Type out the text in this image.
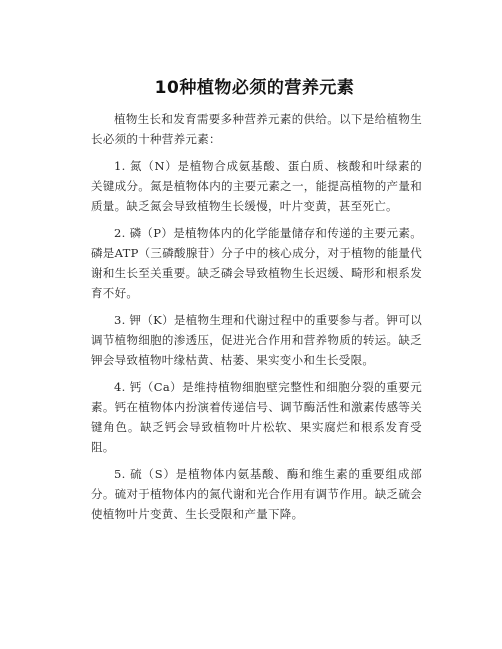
10种植物必须的营养元素

植物生长和发育需要多种营养元素的供给。以下是给植物生长必须的十种营养元素：

1. 氮（N）是植物合成氨基酸、蛋白质、核酸和叶绿素的关键成分。氮是植物体内的主要元素之一，能提高植物的产量和质量。缺乏氮会导致植物生长缓慢，叶片变黄，甚至死亡。

2. 磷（P）是植物体内的化学能量储存和传递的主要元素。磷是ATP（三磷酸腺苷）分子中的核心成分，对于植物的能量代谢和生长至关重要。缺乏磷会导致植物生长迟缓、畸形和根系发育不好。

3. 钾（K）是植物生理和代谢过程中的重要参与者。钾可以调节植物细胞的渗透压，促进光合作用和营养物质的转运。缺乏钾会导致植物叶缘枯黄、枯萎、果实变小和生长受限。

4. 钙（Ca）是维持植物细胞壁完整性和细胞分裂的重要元素。钙在植物体内扮演着传递信号、调节酶活性和激素传感等关键角色。缺乏钙会导致植物叶片松软、果实腐烂和根系发育受阻。

5. 硫（S）是植物体内氨基酸、酶和维生素的重要组成部分。硫对于植物体内的氮代谢和光合作用有调节作用。缺乏硫会使植物叶片变黄、生长受限和产量下降。
